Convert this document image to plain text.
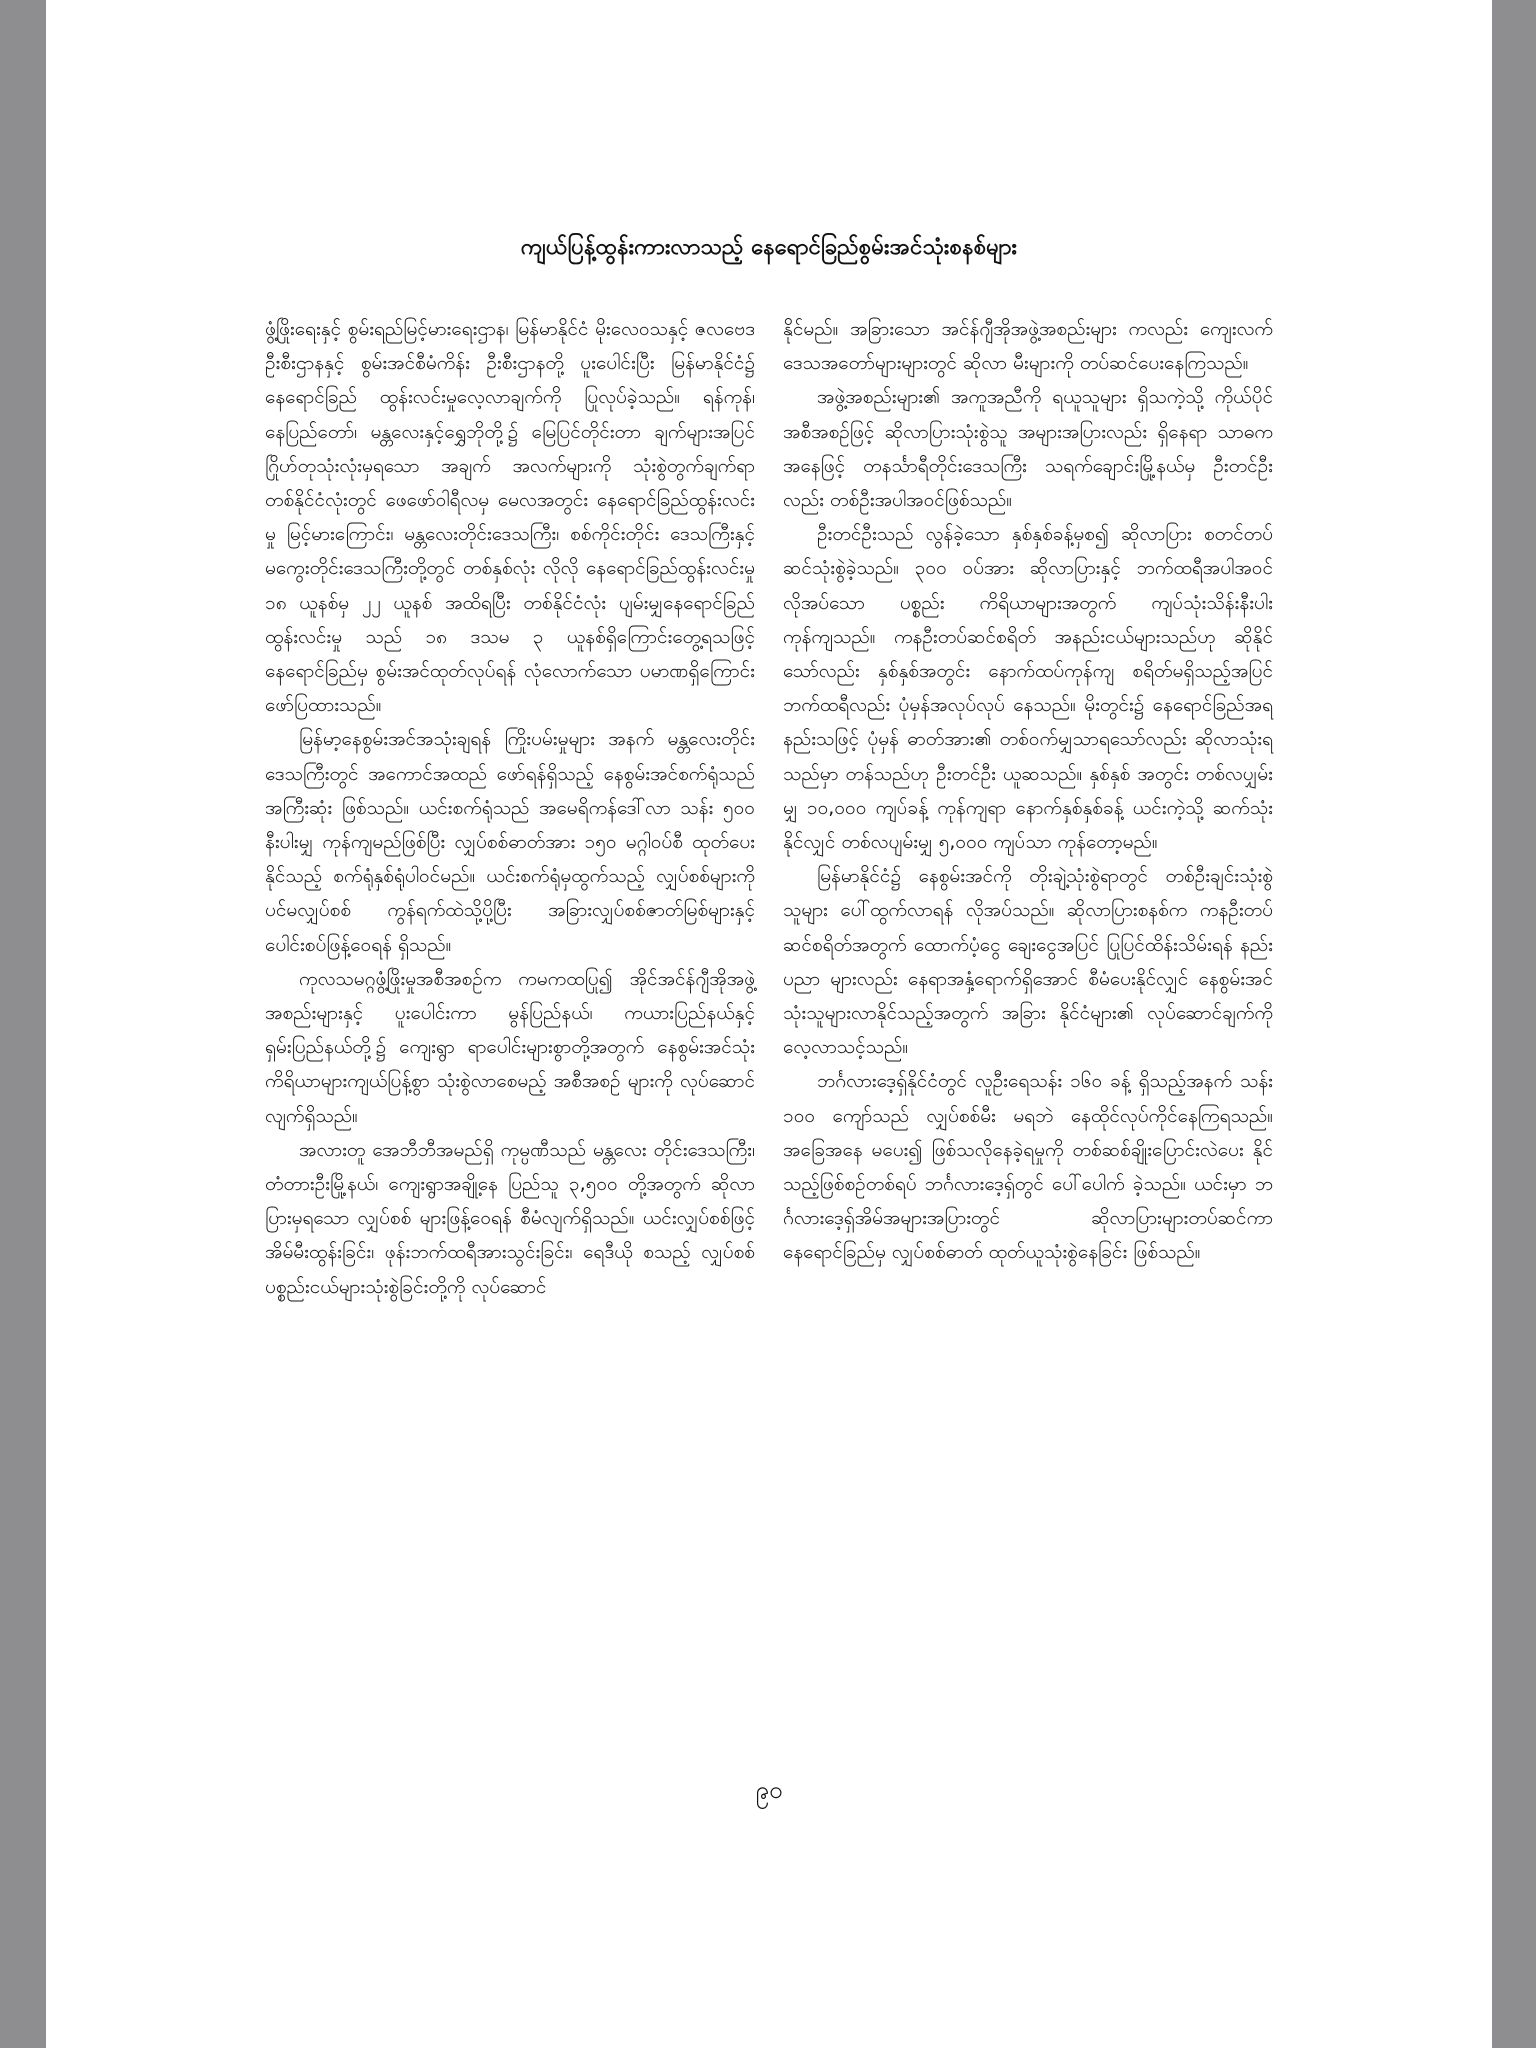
ကျယ်ပြန့်ထွန်းကားလာသည့် နေရောင်ခြည်စွမ်းအင်သုံးစနစ်များ

ဖွံ့ဖြိုးရေးနှင့် စွမ်းရည်မြင့်မားရေးဌာန၊ မြန်မာနိုင်ငံ မိုးလေဝသနှင့် ဇလဗေဒဦးစီးဌာနနှင့် စွမ်းအင်စီမံကိန်း ဦးစီးဌာနတို့ ပူးပေါင်းပြီး မြန်မာနိုင်ငံ၌ နေရောင်ခြည် ထွန်းလင်းမှုလေ့လာချက်ကို ပြုလုပ်ခဲ့သည်။ ရန်ကုန်၊ နေပြည်တော်၊ မန္တလေးနှင့်ရွှေဘိုတို့၌ မြေပြင်တိုင်းတာ ချက်များအပြင် ဂြိုဟ်တုသုံးလုံးမှရသော အချက် အလက်များကို သုံးစွဲတွက်ချက်ရာ တစ်နိုင်ငံလုံးတွင် ဖေဖော်ဝါရီလမှ မေလအတွင်း နေရောင်ခြည်ထွန်းလင်းမှု မြင့်မားကြောင်း၊ မန္တလေးတိုင်းဒေသကြီး၊ စစ်ကိုင်းတိုင်း ဒေသကြီးနှင့် မကွေးတိုင်းဒေသကြီးတို့တွင် တစ်နှစ်လုံး လိုလို နေရောင်ခြည်ထွန်းလင်းမှု ၁၈ ယူနစ်မှ ၂၂ ယူနစ် အထိရပြီး တစ်နိုင်ငံလုံး ပျမ်းမျှနေရောင်ခြည် ထွန်းလင်းမှု သည် ၁၈ ဒသမ ၃ ယူနစ်ရှိကြောင်းတွေ့ရသဖြင့် နေရောင်ခြည်မှ စွမ်းအင်ထုတ်လုပ်ရန် လုံလောက်သော ပမာဏရှိကြောင်း ဖော်ပြထားသည်။

မြန်မာ့နေစွမ်းအင်အသုံးချရန် ကြိုးပမ်းမှုများ အနက် မန္တလေးတိုင်းဒေသကြီးတွင် အကောင်အထည် ဖော်ရန်ရှိသည့် နေစွမ်းအင်စက်ရုံသည် အကြီးဆုံး ဖြစ်သည်။ ယင်းစက်ရုံသည် အမေရိကန်ဒေါ်လာ သန်း ၅၀၀ နီးပါးမျှ ကုန်ကျမည်ဖြစ်ပြီး လျှပ်စစ်ဓာတ်အား ၁၅၀ မဂ္ဂါဝပ်စီ ထုတ်ပေးနိုင်သည့် စက်ရုံနှစ်ရုံပါဝင်မည်။ ယင်းစက်ရုံမှထွက်သည့် လျှပ်စစ်များကို ပင်မလျှပ်စစ် ကွန်ရက်ထဲသို့ပို့ပြီး အခြားလျှပ်စစ်ဇာတ်မြစ်များနှင့် ပေါင်းစပ်ဖြန့်ဝေရန် ရှိသည်။

ကုလသမဂ္ဂဖွံ့ဖြိုးမှုအစီအစဉ်က ကမကထပြု၍ အိုင်အင်န်ဂျီအိုအဖွဲ့အစည်းများနှင့် ပူးပေါင်းကာ မွန်ပြည်နယ်၊ ကယားပြည်နယ်နှင့် ရှမ်းပြည်နယ်တို့၌ ကျေးရွာ ရာပေါင်းများစွာတို့အတွက် နေစွမ်းအင်သုံး ကိရိယာများကျယ်ပြန့်စွာ သုံးစွဲလာစေမည့် အစီအစဉ် များကို လုပ်ဆောင်လျက်ရှိသည်။

အလားတူ အေဘီဘီအမည်ရှိ ကုမ္ပဏီသည် မန္တလေး တိုင်းဒေသကြီး၊ တံတားဦးမြို့နယ်၊ ကျေးရွာအချို့နေ ပြည်သူ ၃,၅၀၀ တို့အတွက် ဆိုလာပြားမှရသော လျှပ်စစ် များဖြန့်ဝေရန် စီမံလျက်ရှိသည်။ ယင်းလျှပ်စစ်ဖြင့် အိမ်မီးထွန်းခြင်း၊ ဖုန်းဘက်ထရီအားသွင်းခြင်း၊ ရေဒီယို စသည့် လျှပ်စစ်ပစ္စည်းငယ်များသုံးစွဲခြင်းတို့ကို လုပ်ဆောင်

နိုင်မည်။ အခြားသော အင်န်ဂျီအိုအဖွဲ့အစည်းများ ကလည်း ကျေးလက်ဒေသအတော်များများတွင် ဆိုလာ မီးများကို တပ်ဆင်ပေးနေကြသည်။

အဖွဲ့အစည်းများ၏ အကူအညီကို ရယူသူများ ရှိသကဲ့သို့ ကိုယ်ပိုင်အစီအစဉ်ဖြင့် ဆိုလာပြားသုံးစွဲသူ အများအပြားလည်း ရှိနေရာ သာဓကအနေဖြင့် တနင်္သာရီတိုင်းဒေသကြီး သရက်ချောင်းမြို့နယ်မှ ဦးတင်ဦးလည်း တစ်ဦးအပါအဝင်ဖြစ်သည်။

ဦးတင်ဦးသည် လွန်ခဲ့သော နှစ်နှစ်ခန့်မှစ၍ ဆိုလာပြား စတင်တပ်ဆင်သုံးစွဲခဲ့သည်။ ၃၀၀ ဝပ်အား ဆိုလာပြားနှင့် ဘက်ထရီအပါအဝင် လိုအပ်သော ပစ္စည်း ကိရိယာများအတွက် ကျပ်သုံးသိန်းနီးပါးကုန်ကျသည်။ ကနဦးတပ်ဆင်စရိတ် အနည်းငယ်များသည်ဟု ဆိုနိုင်သော်လည်း နှစ်နှစ်အတွင်း နောက်ထပ်ကုန်ကျ စရိတ်မရှိသည့်အပြင် ဘက်ထရီလည်း ပုံမှန်အလုပ်လုပ် နေသည်။ မိုးတွင်း၌ နေရောင်ခြည်အရနည်းသဖြင့် ပုံမှန် ဓာတ်အား၏ တစ်ဝက်မျှသာရသော်လည်း ဆိုလာသုံးရ သည်မှာ တန်သည်ဟု ဦးတင်ဦး ယူဆသည်။ နှစ်နှစ် အတွင်း တစ်လပျှမ်းမျှ ၁၀,၀၀၀ ကျပ်ခန့် ကုန်ကျရာ နောက်နှစ်နှစ်ခန့် ယင်းကဲ့သို့ ဆက်သုံးနိုင်လျှင် တစ်လပျမ်းမျှ ၅,၀၀၀ ကျပ်သာ ကုန်တော့မည်။

မြန်မာနိုင်ငံ၌ နေစွမ်းအင်ကို တိုးချဲ့သုံးစွဲရာတွင် တစ်ဦးချင်းသုံးစွဲသူများ ပေါ်ထွက်လာရန် လိုအပ်သည်။ ဆိုလာပြားစနစ်က ကနဦးတပ်ဆင်စရိတ်အတွက် ထောက်ပံ့ငွေ ချေးငွေအပြင် ပြုပြင်ထိန်းသိမ်းရန် နည်းပညာ များလည်း နေရာအနှံ့ရောက်ရှိအောင် စီမံပေးနိုင်လျှင် နေစွမ်းအင်သုံးသူများလာနိုင်သည့်အတွက် အခြား နိုင်ငံများ၏ လုပ်ဆောင်ချက်ကို လေ့လာသင့်သည်။

ဘင်္ဂလားဒေ့ရှ်နိုင်ငံတွင် လူဦးရေသန်း ၁၆၀ ခန့် ရှိသည့်အနက် သန်း ၁၀၀ ကျော်သည် လျှပ်စစ်မီး မရဘဲ နေထိုင်လုပ်ကိုင်နေကြရသည်။ အခြေအနေ မပေး၍ ဖြစ်သလိုနေခဲ့ရမှုကို တစ်ဆစ်ချိုးပြောင်းလဲပေး နိုင်သည့်ဖြစ်စဉ်တစ်ရပ် ဘင်္ဂလားဒေ့ရှ်တွင် ပေါ်ပေါက် ခဲ့သည်။ ယင်းမှာ ဘင်္ဂလားဒေ့ရှ်အိမ်အများအပြားတွင် ဆိုလာပြားများတပ်ဆင်ကာ နေရောင်ခြည်မှ လျှပ်စစ်ဓာတ် ထုတ်ယူသုံးစွဲနေခြင်း ဖြစ်သည်။

၉၀
